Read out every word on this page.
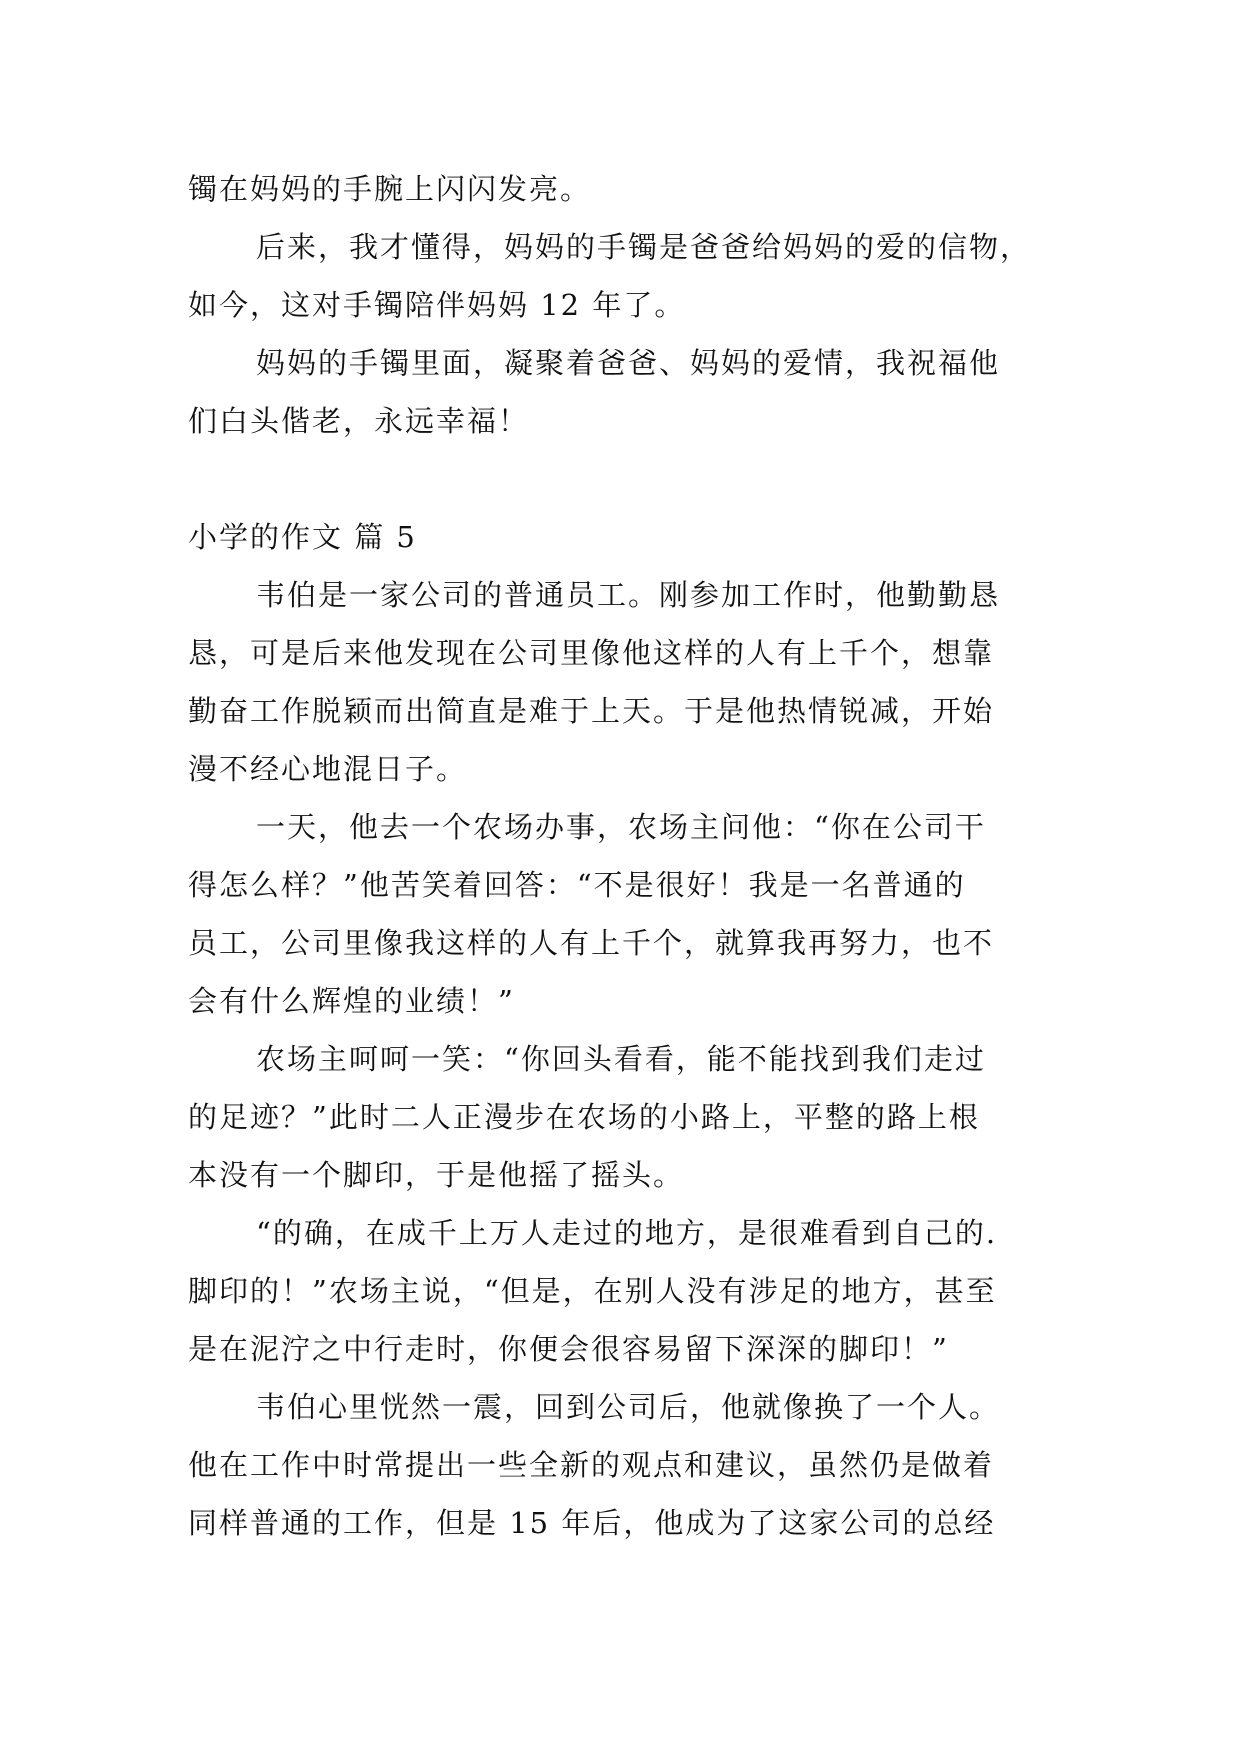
镯在妈妈的手腕上闪闪发亮。
后来，我才懂得，妈妈的手镯是爸爸给妈妈的爱的信物，
如今，这对手镯陪伴妈妈 12 年了。
妈妈的手镯里面，凝聚着爸爸、妈妈的爱情，我祝福他
们白头偕老，永远幸福！
小学的作文 篇 5
韦伯是一家公司的普通员工。刚参加工作时，他勤勤恳
恳，可是后来他发现在公司里像他这样的人有上千个，想靠
勤奋工作脱颖而出简直是难于上天。于是他热情锐减，开始
漫不经心地混日子。
一天，他去一个农场办事，农场主问他：“你在公司干
得怎么样？”他苦笑着回答：“不是很好！我是一名普通的
员工，公司里像我这样的人有上千个，就算我再努力，也不
会有什么辉煌的业绩！”
农场主呵呵一笑：“你回头看看，能不能找到我们走过
的足迹？”此时二人正漫步在农场的小路上，平整的路上根
本没有一个脚印，于是他摇了摇头。
“的确，在成千上万人走过的地方，是很难看到自己的.
脚印的！”农场主说，“但是，在别人没有涉足的地方，甚至
是在泥泞之中行走时，你便会很容易留下深深的脚印！”
韦伯心里恍然一震，回到公司后，他就像换了一个人。
他在工作中时常提出一些全新的观点和建议，虽然仍是做着
同样普通的工作，但是 15 年后，他成为了这家公司的总经
